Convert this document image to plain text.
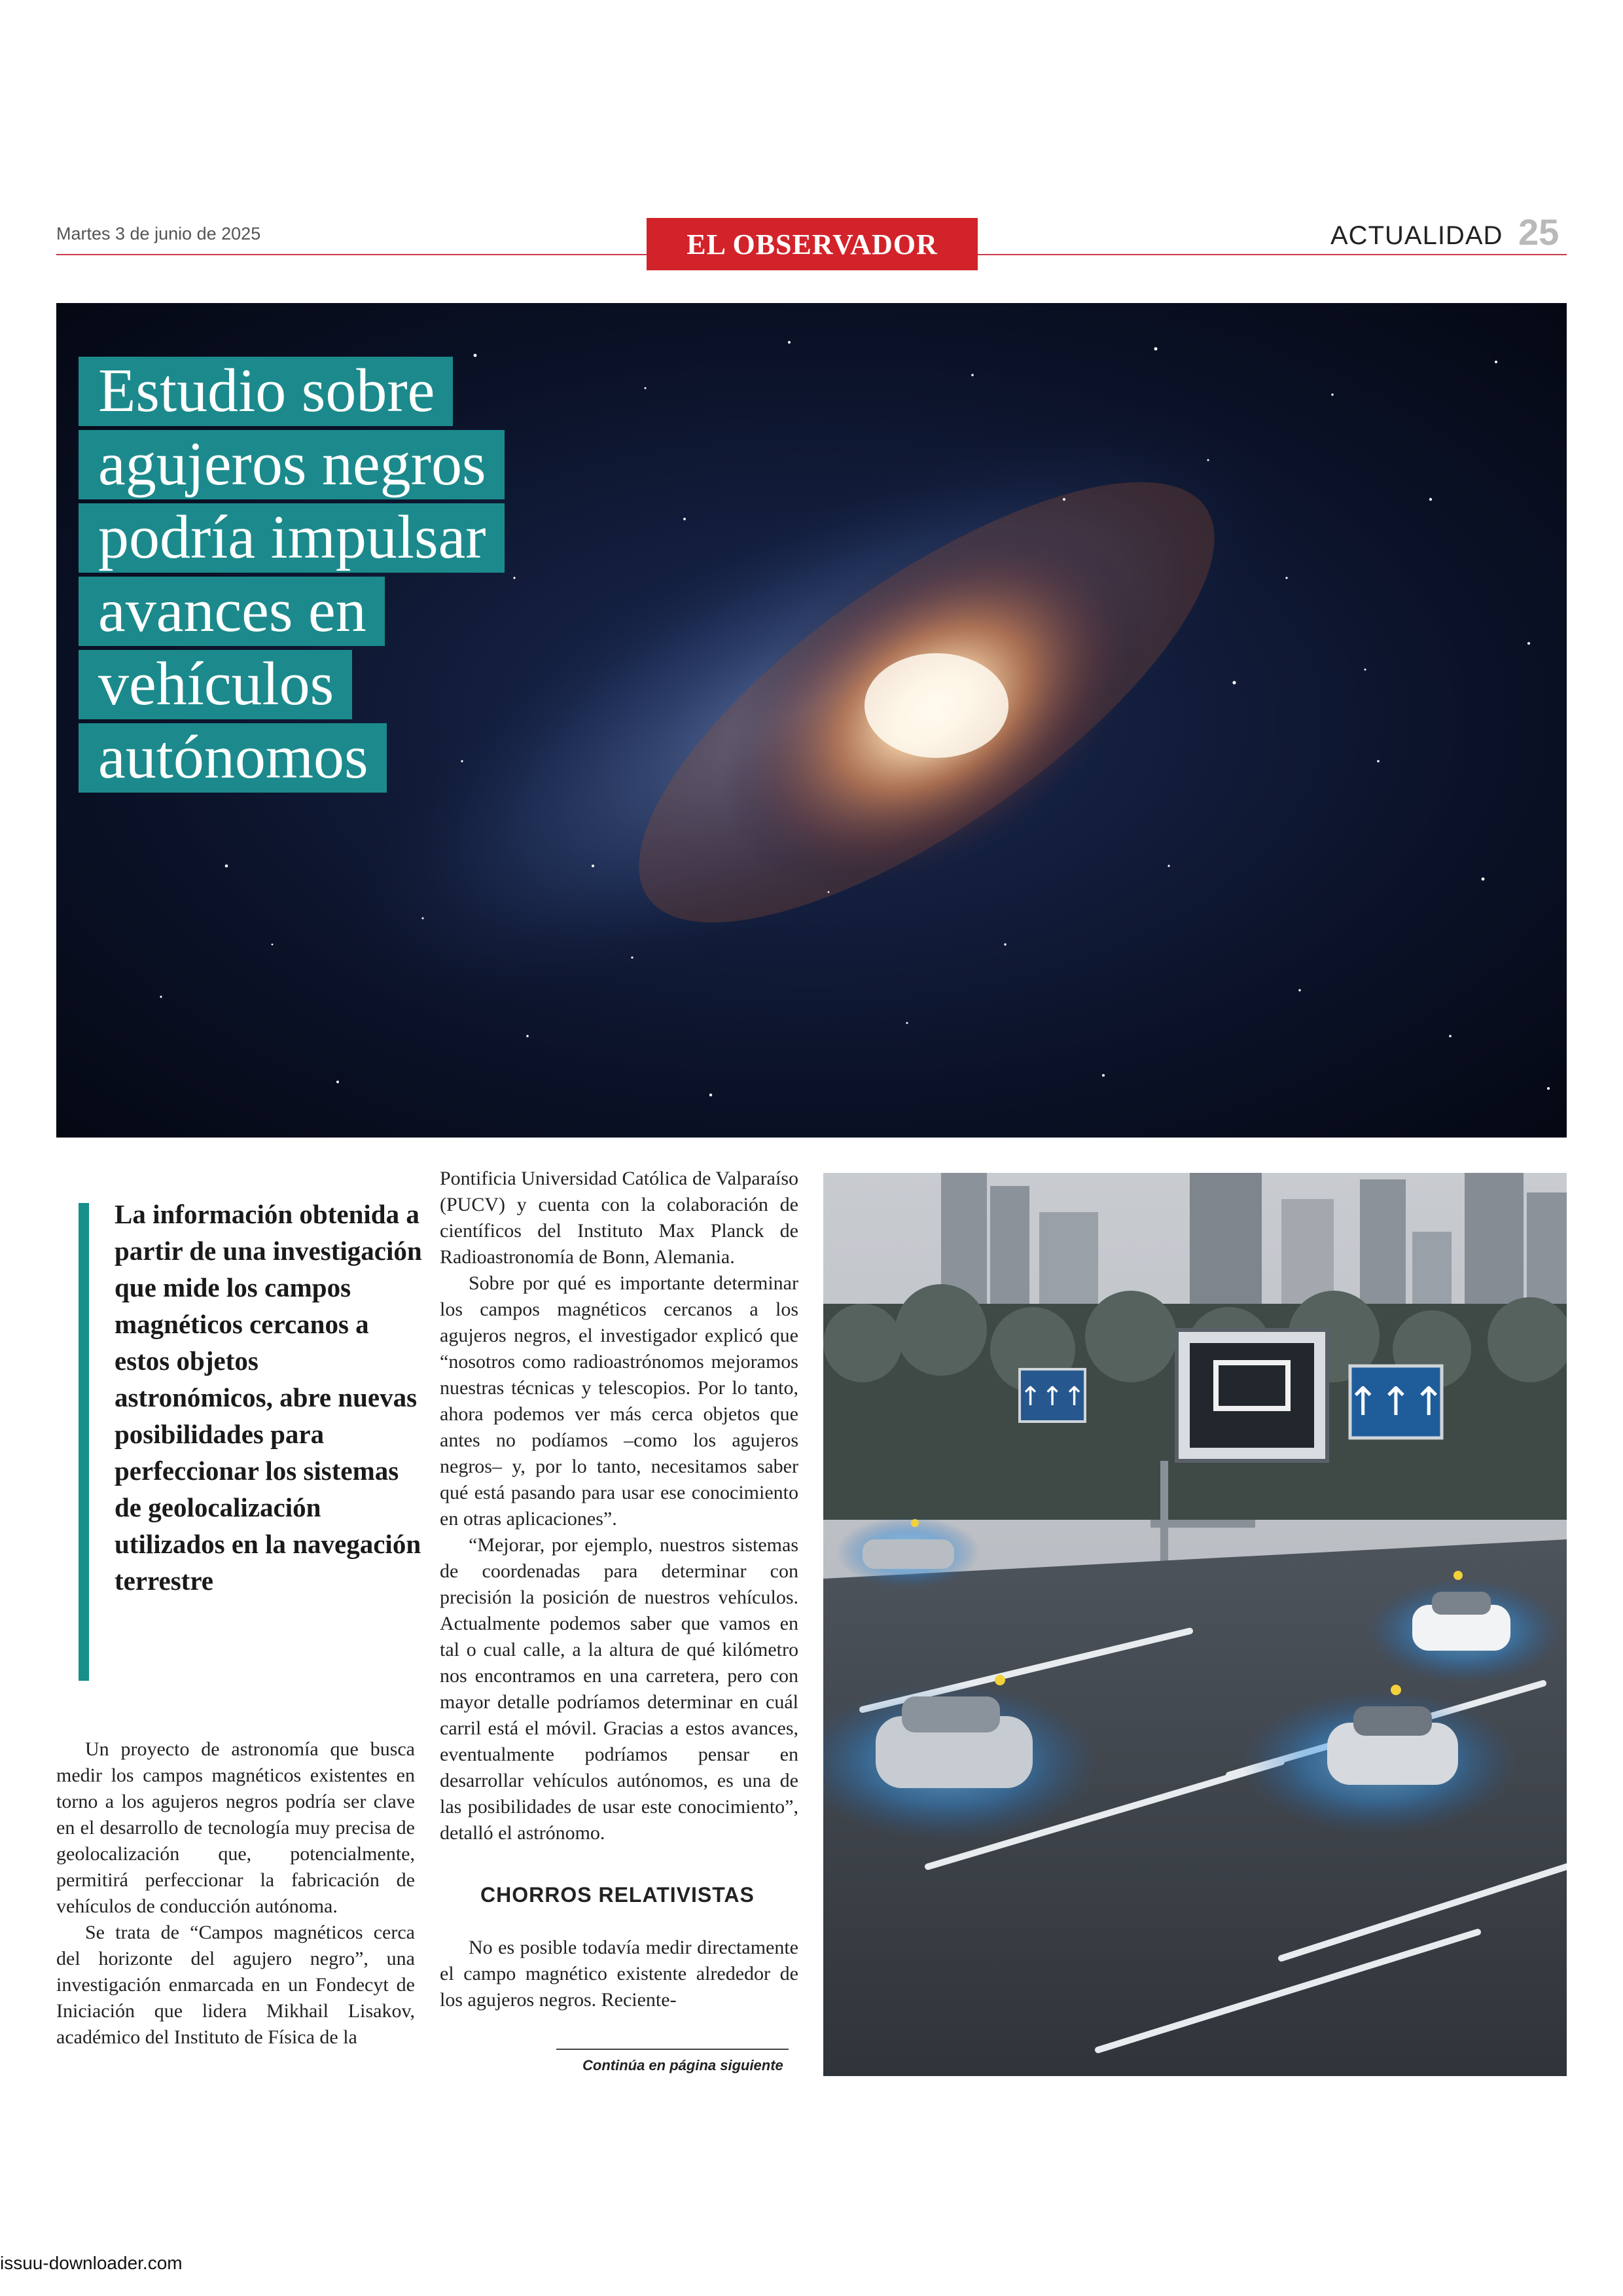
Martes 3 de junio de 2025	EL OBSERVADOR	ACTUALIDAD 25
Estudio sobre
agujeros negros
podría impulsar
avances en
vehículos
autónomos
La información obtenida a partir de una investigación que mide los campos magnéticos cercanos a estos objetos astronómicos, abre nuevas posibilidades para perfeccionar los sistemas de geolocalización utilizados en la navegación terrestre

Un proyecto de astronomía que busca medir los campos magnéticos existentes en torno a los agujeros negros podría ser clave en el desarrollo de tecnología muy precisa de geolocalización que, potencialmente, permitirá perfeccionar la fabricación de vehículos de conducción autónoma.

Se trata de “Campos magnéticos cerca del horizonte del agujero negro”, una investigación enmarcada en un Fondecyt de Iniciación que lidera Mikhail Lisakov, académico del Instituto de Física de la

Pontificia Universidad Católica de Valparaíso (PUCV) y cuenta con la colaboración de científicos del Instituto Max Planck de Radioastronomía de Bonn, Alemania.

Sobre por qué es importante determinar los campos magnéticos cercanos a los agujeros negros, el investigador explicó que “nosotros como radioastrónomos mejoramos nuestras técnicas y telescopios. Por lo tanto, ahora podemos ver más cerca objetos que antes no podíamos –como los agujeros negros– y, por lo tanto, necesitamos saber qué está pasando para usar ese conocimiento en otras aplicaciones”.

“Mejorar, por ejemplo, nuestros sistemas de coordenadas para determinar con precisión la posición de nuestros vehículos. Actualmente podemos saber que vamos en tal o cual calle, a la altura de qué kilómetro nos encontramos en una carretera, pero con mayor detalle podríamos determinar en cuál carril está el móvil. Gracias a estos avances, eventualmente podríamos pensar en desarrollar vehículos autónomos, es una de las posibilidades de usar este conocimiento”, detalló el astrónomo.

CHORROS RELATIVISTAS

No es posible todavía medir directamente el campo magnético existente alrededor de los agujeros negros. Reciente-

Continúa en página siguiente
↑↑↑
↑↑↑
issuu-downloader.com
